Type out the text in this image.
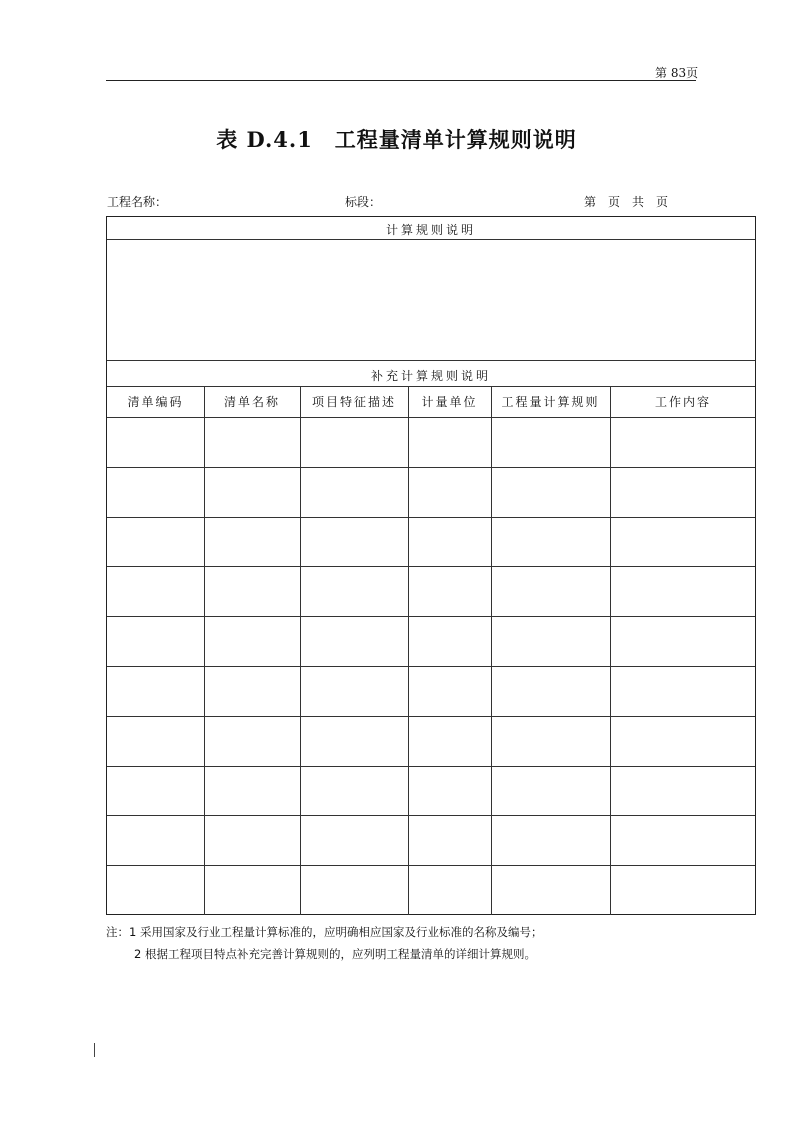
第 83页
表 D.4.1　工程量清单计算规则说明
工程名称：	标段：	第　页　共　页
计算规则说明
补充计算规则说明
清单编码	清单名称	项目特征描述	计量单位	工程量计算规则	工作内容
注：1 采用国家及行业工程量计算标准的，应明确相应国家及行业标准的名称及编号；
2 根据工程项目特点补充完善计算规则的，应列明工程量清单的详细计算规则。
